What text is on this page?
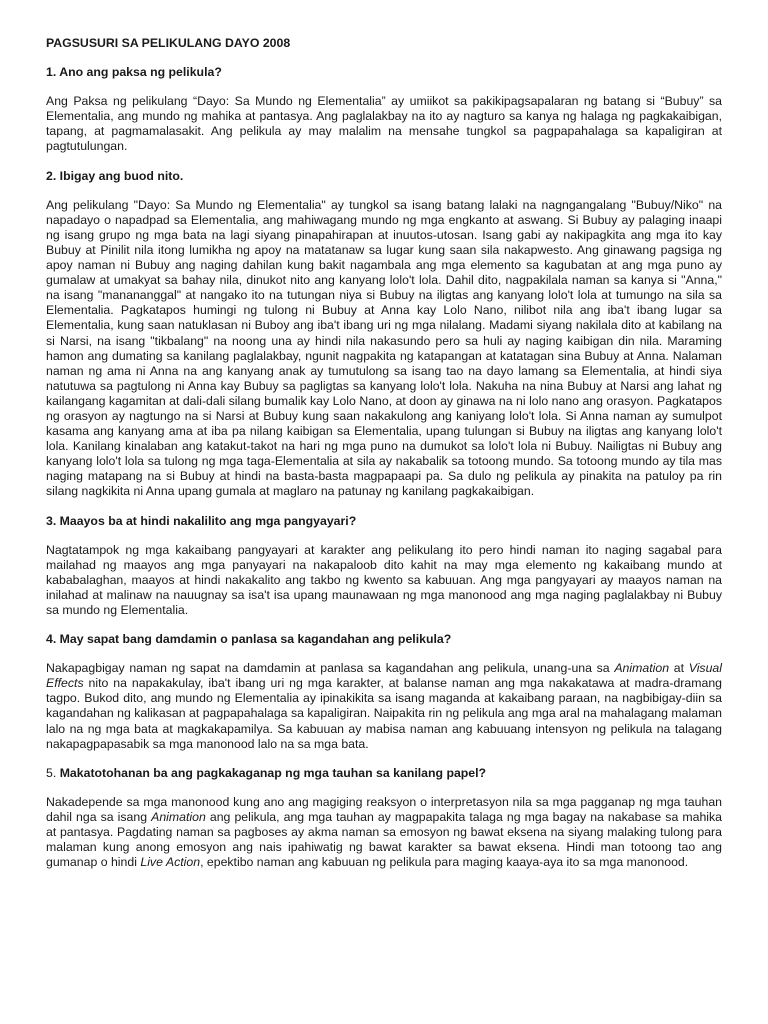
PAGSUSURI SA PELIKULANG DAYO 2008
1. Ano ang paksa ng pelikula?
Ang Paksa ng pelikulang “Dayo: Sa Mundo ng Elementalia” ay umiikot sa pakikipagsapalaran ng batang si “Bubuy” sa Elementalia, ang mundo ng mahika at pantasya. Ang paglalakbay na ito ay nagturo sa kanya ng halaga ng pagkakaibigan, tapang, at pagmamalasakit. Ang pelikula ay may malalim na mensahe tungkol sa pagpapahalaga sa kapaligiran at pagtutulungan.
2. Ibigay ang buod nito.
Ang pelikulang "Dayo: Sa Mundo ng Elementalia" ay tungkol sa isang batang lalaki na nagngangalang "Bubuy/Niko" na napadayo o napadpad sa Elementalia, ang mahiwagang mundo ng mga engkanto at aswang. Si Bubuy ay palaging inaapi ng isang grupo ng mga bata na lagi siyang pinapahirapan at inuutos-utosan. Isang gabi ay nakipagkita ang mga ito kay Bubuy at Pinilit nila itong lumikha ng apoy na matatanaw sa lugar kung saan sila nakapwesto. Ang ginawang pagsiga ng apoy naman ni Bubuy ang naging dahilan kung bakit nagambala ang mga elemento sa kagubatan at ang mga puno ay gumalaw at umakyat sa bahay nila, dinukot nito ang kanyang lolo't lola. Dahil dito, nagpakilala naman sa kanya si "Anna," na isang "manananggal" at nangako ito na tutungan niya si Bubuy na iligtas ang kanyang lolo't lola at tumungo na sila sa Elementalia. Pagkatapos humingi ng tulong ni Bubuy at Anna kay Lolo Nano, nilibot nila ang iba't ibang lugar sa Elementalia, kung saan natuklasan ni Buboy ang iba't ibang uri ng mga nilalang. Madami siyang nakilala dito at kabilang na si Narsi, na isang "tikbalang" na noong una ay hindi nila nakasundo pero sa huli ay naging kaibigan din nila. Maraming hamon ang dumating sa kanilang paglalakbay, ngunit nagpakita ng katapangan at katatagan sina Bubuy at Anna. Nalaman naman ng ama ni Anna na ang kanyang anak ay tumutulong sa isang tao na dayo lamang sa Elementalia, at hindi siya natutuwa sa pagtulong ni Anna kay Bubuy sa pagligtas sa kanyang lolo't lola. Nakuha na nina Bubuy at Narsi ang lahat ng kailangang kagamitan at dali-dali silang bumalik kay Lolo Nano, at doon ay ginawa na ni lolo nano ang orasyon. Pagkatapos ng orasyon ay nagtungo na si Narsi at Bubuy kung saan nakakulong ang kaniyang lolo't lola. Si Anna naman ay sumulpot kasama ang kanyang ama at iba pa nilang kaibigan sa Elementalia, upang tulungan si Bubuy na iligtas ang kanyang lolo't lola. Kanilang kinalaban ang katakut-takot na hari ng mga puno na dumukot sa lolo't lola ni Bubuy. Nailigtas ni Bubuy ang kanyang lolo't lola sa tulong ng mga taga-Elementalia at sila ay nakabalik sa totoong mundo. Sa totoong mundo ay tila mas naging matapang na si Bubuy at hindi na basta-basta magpapaapi pa. Sa dulo ng pelikula ay pinakita na patuloy pa rin silang nagkikita ni Anna upang gumala at maglaro na patunay ng kanilang pagkakaibigan.
3. Maayos ba at hindi nakalilito ang mga pangyayari?
Nagtatampok ng mga kakaibang pangyayari at karakter ang pelikulang ito pero hindi naman ito naging sagabal para mailahad ng maayos ang mga panyayari na nakapaloob dito kahit na may mga elemento ng kakaibang mundo at kababalaghan, maayos at hindi nakakalito ang takbo ng kwento sa kabuuan. Ang mga pangyayari ay maayos naman na inilahad at malinaw na nauugnay sa isa't isa upang maunawaan ng mga manonood ang mga naging paglalakbay ni Bubuy sa mundo ng Elementalia.
4. May sapat bang damdamin o panlasa sa kagandahan ang pelikula?
Nakapagbigay naman ng sapat na damdamin at panlasa sa kagandahan ang pelikula, unang-una sa Animation at Visual Effects nito na napakakulay, iba't ibang uri ng mga karakter, at balanse naman ang mga nakakatawa at madra-dramang tagpo. Bukod dito, ang mundo ng Elementalia ay ipinakikita sa isang maganda at kakaibang paraan, na nagbibigay-diin sa kagandahan ng kalikasan at pagpapahalaga sa kapaligiran. Naipakita rin ng pelikula ang mga aral na mahalagang malaman lalo na ng mga bata at magkakapamilya. Sa kabuuan ay mabisa naman ang kabuuang intensyon ng pelikula na talagang nakapagpapasabik sa mga manonood lalo na sa mga bata.
5. Makatotohanan ba ang pagkakaganap ng mga tauhan sa kanilang papel?
Nakadepende sa mga manonood kung ano ang magiging reaksyon o interpretasyon nila sa mga pagganap ng mga tauhan dahil nga sa isang Animation ang pelikula, ang mga tauhan ay magpapakita talaga ng mga bagay na nakabase sa mahika at pantasya. Pagdating naman sa pagboses ay akma naman sa emosyon ng bawat eksena na siyang malaking tulong para malaman kung anong emosyon ang nais ipahiwatig ng bawat karakter sa bawat eksena. Hindi man totoong tao ang gumanap o hindi Live Action, epektibo naman ang kabuuan ng pelikula para maging kaaya-aya ito sa mga manonood.
